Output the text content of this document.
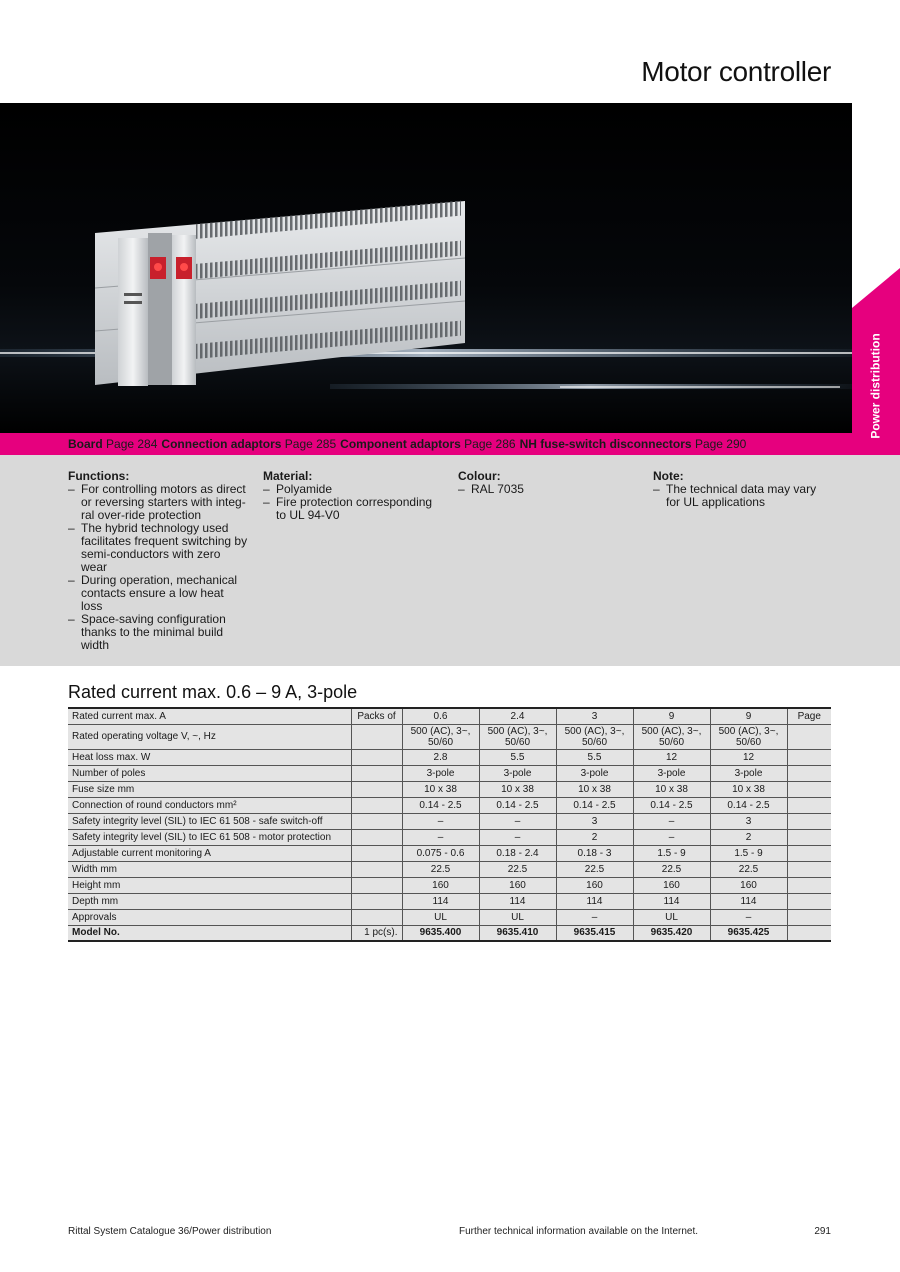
Motor controller
Power distribution
Board Page 284 Connection adaptors Page 285 Component adaptors Page 286 NH fuse-switch disconnectors Page 290
Functions:
– For controlling motors as direct or reversing starters with integ-ral over-ride protection
– The hybrid technology used facilitates frequent switching by semi-conductors with zero wear
– During operation, mechanical contacts ensure a low heat loss
– Space-saving configuration thanks to the minimal build width
Material:
– Polyamide
– Fire protection corresponding to UL 94-V0
Colour:
– RAL 7035
Note:
– The technical data may vary for UL applications
Rated current max. 0.6 – 9 A, 3-pole
Rated current max. A	Packs of	0.6	2.4	3	9	9	Page
Rated operating voltage V, ~, Hz		500 (AC), 3~, 50/60	500 (AC), 3~, 50/60	500 (AC), 3~, 50/60	500 (AC), 3~, 50/60	500 (AC), 3~, 50/60	
Heat loss max. W		2.8	5.5	5.5	12	12	
Number of poles		3-pole	3-pole	3-pole	3-pole	3-pole	
Fuse size mm		10 x 38	10 x 38	10 x 38	10 x 38	10 x 38	
Connection of round conductors mm²		0.14 - 2.5	0.14 - 2.5	0.14 - 2.5	0.14 - 2.5	0.14 - 2.5	
Safety integrity level (SIL) to IEC 61 508 - safe switch-off		–	–	3	–	3	
Safety integrity level (SIL) to IEC 61 508 - motor protection		–	–	2	–	2	
Adjustable current monitoring A		0.075 - 0.6	0.18 - 2.4	0.18 - 3	1.5 - 9	1.5 - 9	
Width mm		22.5	22.5	22.5	22.5	22.5	
Height mm		160	160	160	160	160	
Depth mm		114	114	114	114	114	
Approvals		UL	UL	–	UL	–	
Model No.	1 pc(s).	9635.400	9635.410	9635.415	9635.420	9635.425	
Rittal System Catalogue 36/Power distribution	Further technical information available on the Internet.	291
